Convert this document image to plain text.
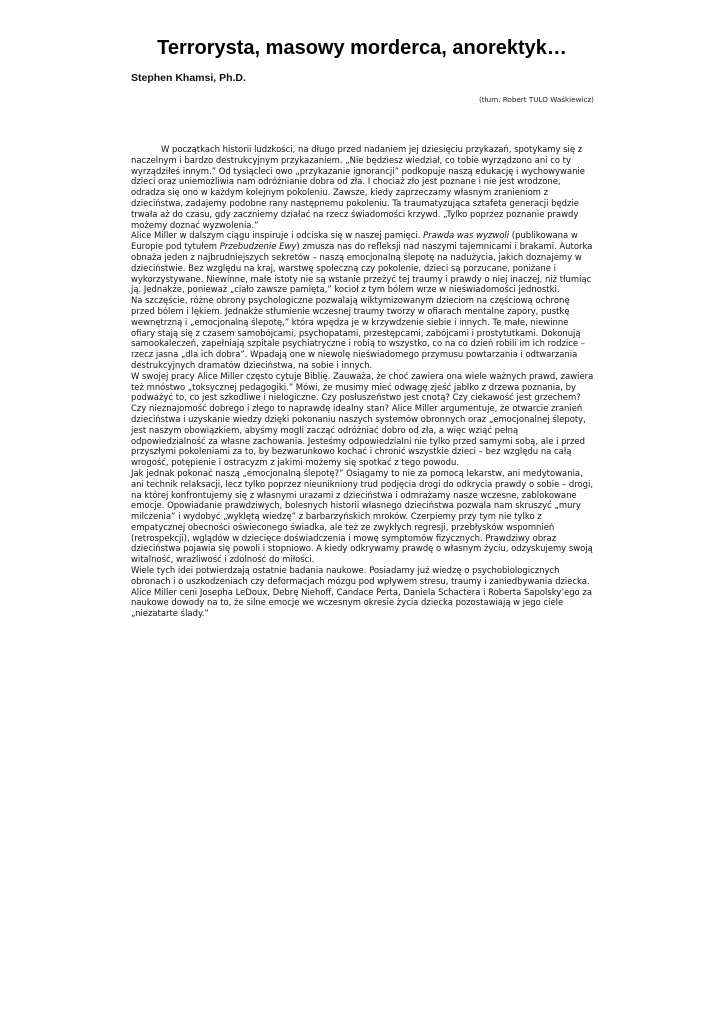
Terrorysta, masowy morderca, anorektyk…

Stephen Khamsi, Ph.D.

(tłum. Robert TULO Waśkiewicz)

W początkach historii ludzkości, na długo przed nadaniem jej dziesięciu przykazań, spotykamy się z naczelnym i bardzo destrukcyjnym przykazaniem. „Nie będziesz wiedział, co tobie wyrządzono ani co ty wyrządziłeś innym.” Od tysiącleci owo „przykazanie ignorancji” podkopuje naszą edukację i wychowywanie dzieci oraz uniemożliwia nam odróżnianie dobra od zła. I chociaż zło jest poznane i nie jest wrodzone, odradza się ono w każdym kolejnym pokoleniu. Zawsze, kiedy zaprzeczamy własnym zranieniom z dzieciństwa, zadajemy podobne rany następnemu pokoleniu. Ta traumatyzująca sztafeta generacji będzie trwała aż do czasu, gdy zaczniemy działać na rzecz świadomości krzywd. „Tylko poprzez poznanie prawdy możemy doznać wyzwolenia.”

Alice Miller w dalszym ciągu inspiruje i odciska się w naszej pamięci. Prawda was wyzwoli (publikowana w Europie pod tytułem Przebudzenie Ewy) zmusza nas do refleksji nad naszymi tajemnicami i brakami. Autorka obnaża jeden z najbrudniejszych sekretów – naszą emocjonalną ślepotę na nadużycia, jakich doznajemy w dzieciństwie. Bez względu na kraj, warstwę społeczną czy pokolenie, dzieci są porzucane, poniżane i wykorzystywane. Niewinne, małe istoty nie są wstanie przeżyć tej traumy i prawdy o niej inaczej, niż tłumiąc ją. Jednakże, ponieważ „ciało zawsze pamięta,” kocioł z tym bólem wrze w nieświadomości jednostki.

Na szczęście, różne obrony psychologiczne pozwalają wiktymizowanym dzieciom na częściową ochronę przed bólem i lękiem. Jednakże stłumienie wczesnej traumy tworzy w ofiarach mentalne zapory, pustkę wewnętrzną i „emocjonalną ślepotę,” która wpędza je w krzywdzenie siebie i innych. Te małe, niewinne ofiary stają się z czasem samobójcami, psychopatami, przestępcami, zabójcami i prostytutkami. Dokonują samookaleczeń, zapełniają szpitale psychiatryczne i robią to wszystko, co na co dzień robili im ich rodzice – rzecz jasna „dla ich dobra”. Wpadają one w niewolę nieświadomego przymusu powtarzania i odtwarzania destrukcyjnych dramatów dzieciństwa, na sobie i innych.

W swojej pracy Alice Miller często cytuje Biblię. Zauważa, że choć zawiera ona wiele ważnych prawd, zawiera też mnóstwo „toksycznej pedagogiki.” Mówi, że musimy mieć odwagę zjeść jabłko z drzewa poznania, by podważyć to, co jest szkodliwe i nielogiczne. Czy posłuszeństwo jest cnotą? Czy ciekawość jest grzechem? Czy nieznajomość dobrego i złego to naprawdę idealny stan? Alice Miller argumentuje, że otwarcie zranień dzieciństwa i uzyskanie wiedzy dzięki pokonaniu naszych systemów obronnych oraz „emocjonalnej ślepoty, jest naszym obowiązkiem, abyśmy mogli zacząć odróżniać dobro od zła, a więc wziąć pełną odpowiedzialność za własne zachowania. Jesteśmy odpowiedzialni nie tylko przed samymi sobą, ale i przed przyszłymi pokoleniami za to, by bezwarunkowo kochać i chronić wszystkie dzieci – bez względu na całą wrogość, potępienie i ostracyzm z jakimi możemy się spotkać z tego powodu.

Jak jednak pokonać naszą „emocjonalną ślepotę?” Osiągamy to nie za pomocą lekarstw, ani medytowania, ani technik relaksacji, lecz tylko poprzez nieunikniony trud podjęcia drogi do odkrycia prawdy o sobie – drogi, na której konfrontujemy się z własnymi urazami z dzieciństwa i odmrażamy nasze wczesne, zablokowane emocje. Opowiadanie prawdziwych, bolesnych historii własnego dzieciństwa pozwala nam skruszyć „mury milczenia” i wydobyć „wyklętą wiedzę” z barbarzyńskich mroków. Czerpiemy przy tym nie tylko z empatycznej obecności oświeconego świadka, ale też ze zwykłych regresji, przebłysków wspomnień (retrospekcji), wglądów w dziecięce doświadczenia i mowę symptomów fizycznych. Prawdziwy obraz dzieciństwa pojawia się powoli i stopniowo. A kiedy odkrywamy prawdę o własnym życiu, odzyskujemy swoją witalność, wrażliwość i zdolność do miłości.

Wiele tych idei potwierdzają ostatnie badania naukowe. Posiadamy już wiedzę o psychobiologicznych obronach i o uszkodzeniach czy deformacjach mózgu pod wpływem stresu, traumy i zaniedbywania dziecka. Alice Miller ceni Josepha LeDoux, Debrę Niehoff, Candace Perta, Daniela Schactera i Roberta Sapolsky’ego za naukowe dowody na to, że silne emocje we wczesnym okresie życia dziecka pozostawiają w jego ciele „niezatarte ślady.”
